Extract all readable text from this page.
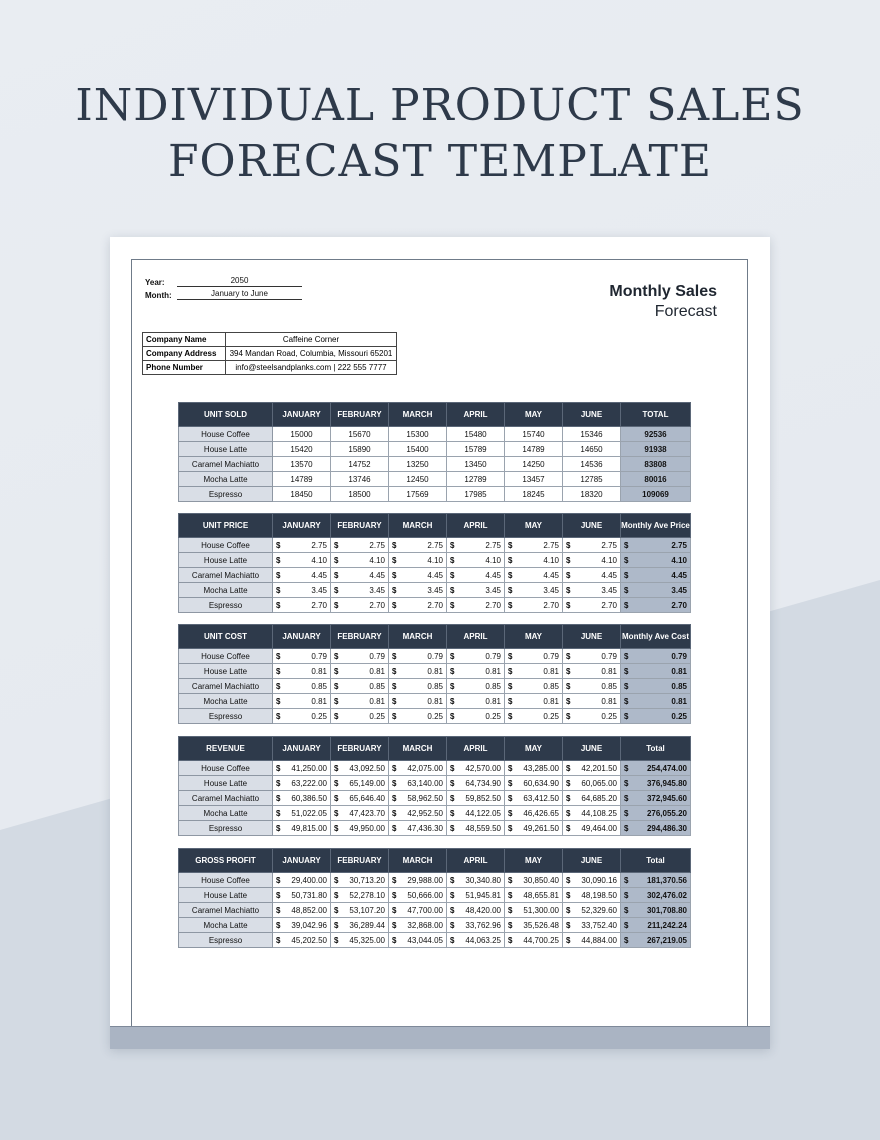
INDIVIDUAL PRODUCT SALES FORECAST TEMPLATE
Year:	2050
Month:	January to June	Monthly Sales
Forecast
Company Name	Caffeine Corner
Company Address	394 Mandan Road, Columbia, Missouri 65201
Phone Number	info@steelsandplanks.com | 222 555 7777
UNIT SOLD	JANUARY	FEBRUARY	MARCH	APRIL	MAY	JUNE	TOTAL
House Coffee	15000	15670	15300	15480	15740	15346	92536
House Latte	15420	15890	15400	15789	14789	14650	91938
Caramel Machiatto	13570	14752	13250	13450	14250	14536	83808
Mocha Latte	14789	13746	12450	12789	13457	12785	80016
Espresso	18450	18500	17569	17985	18245	18320	109069
UNIT PRICE	JANUARY	FEBRUARY	MARCH	APRIL	MAY	JUNE	Monthly Ave Price
House Coffee	$ 2.75	$ 2.75	$ 2.75	$ 2.75	$ 2.75	$ 2.75	$ 2.75

House Latte	$ 4.10	$ 4.10	$ 4.10	$ 4.10	$ 4.10	$ 4.10	$ 4.10

Caramel Machiatto	$ 4.45	$ 4.45	$ 4.45	$ 4.45	$ 4.45	$ 4.45	$ 4.45

Mocha Latte	$ 3.45	$ 3.45	$ 3.45	$ 3.45	$ 3.45	$ 3.45	$ 3.45

Espresso	$ 2.70	$ 2.70	$ 2.70	$ 2.70	$ 2.70	$ 2.70	$ 2.70
UNIT COST	JANUARY	FEBRUARY	MARCH	APRIL	MAY	JUNE	Monthly Ave Cost
House Coffee	$ 0.79	$ 0.79	$ 0.79	$ 0.79	$ 0.79	$ 0.79	$ 0.79

House Latte	$ 0.81	$ 0.81	$ 0.81	$ 0.81	$ 0.81	$ 0.81	$ 0.81

Caramel Machiatto	$ 0.85	$ 0.85	$ 0.85	$ 0.85	$ 0.85	$ 0.85	$ 0.85

Mocha Latte	$ 0.81	$ 0.81	$ 0.81	$ 0.81	$ 0.81	$ 0.81	$ 0.81

Espresso	$ 0.25	$ 0.25	$ 0.25	$ 0.25	$ 0.25	$ 0.25	$ 0.25
REVENUE	JANUARY	FEBRUARY	MARCH	APRIL	MAY	JUNE	Total
House Coffee	$ 41,250.00	$ 43,092.50	$ 42,075.00	$ 42,570.00	$ 43,285.00	$ 42,201.50	$ 254,474.00

House Latte	$ 63,222.00	$ 65,149.00	$ 63,140.00	$ 64,734.90	$ 60,634.90	$ 60,065.00	$ 376,945.80

Caramel Machiatto	$ 60,386.50	$ 65,646.40	$ 58,962.50	$ 59,852.50	$ 63,412.50	$ 64,685.20	$ 372,945.60

Mocha Latte	$ 51,022.05	$ 47,423.70	$ 42,952.50	$ 44,122.05	$ 46,426.65	$ 44,108.25	$ 276,055.20

Espresso	$ 49,815.00	$ 49,950.00	$ 47,436.30	$ 48,559.50	$ 49,261.50	$ 49,464.00	$ 294,486.30
GROSS PROFIT	JANUARY	FEBRUARY	MARCH	APRIL	MAY	JUNE	Total
House Coffee	$ 29,400.00	$ 30,713.20	$ 29,988.00	$ 30,340.80	$ 30,850.40	$ 30,090.16	$ 181,370.56

House Latte	$ 50,731.80	$ 52,278.10	$ 50,666.00	$ 51,945.81	$ 48,655.81	$ 48,198.50	$ 302,476.02

Caramel Machiatto	$ 48,852.00	$ 53,107.20	$ 47,700.00	$ 48,420.00	$ 51,300.00	$ 52,329.60	$ 301,708.80

Mocha Latte	$ 39,042.96	$ 36,289.44	$ 32,868.00	$ 33,762.96	$ 35,526.48	$ 33,752.40	$ 211,242.24

Espresso	$ 45,202.50	$ 45,325.00	$ 43,044.05	$ 44,063.25	$ 44,700.25	$ 44,884.00	$ 267,219.05
